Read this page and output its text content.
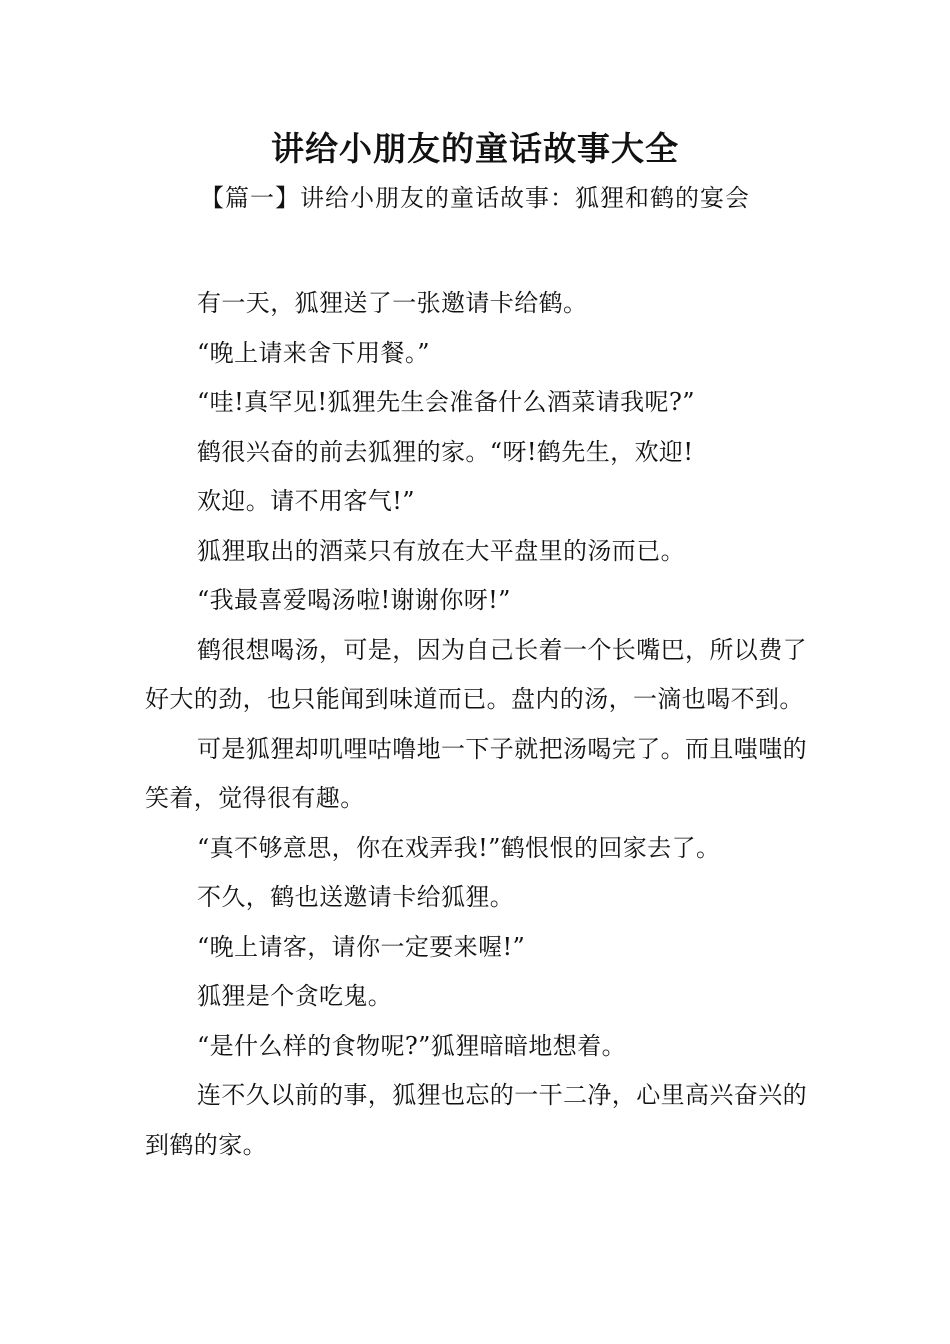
讲给小朋友的童话故事大全
【篇一】讲给小朋友的童话故事：狐狸和鹤的宴会

有一天，狐狸送了一张邀请卡给鹤。

“晚上请来舍下用餐。”

“哇!真罕见!狐狸先生会准备什么酒菜请我呢?”

鹤很兴奋的前去狐狸的家。“呀!鹤先生，欢迎!

欢迎。请不用客气!”

狐狸取出的酒菜只有放在大平盘里的汤而已。

“我最喜爱喝汤啦!谢谢你呀!”

鹤很想喝汤，可是，因为自己长着一个长嘴巴，所以费了好大的劲，也只能闻到味道而已。盘内的汤，一滴也喝不到。

可是狐狸却叽哩咕噜地一下子就把汤喝完了。而且嗤嗤的笑着，觉得很有趣。

“真不够意思，你在戏弄我!”鹤恨恨的回家去了。

不久，鹤也送邀请卡给狐狸。

“晚上请客，请你一定要来喔!”

狐狸是个贪吃鬼。

“是什么样的食物呢?”狐狸暗暗地想着。

连不久以前的事，狐狸也忘的一干二净，心里高兴奋兴的到鹤的家。
